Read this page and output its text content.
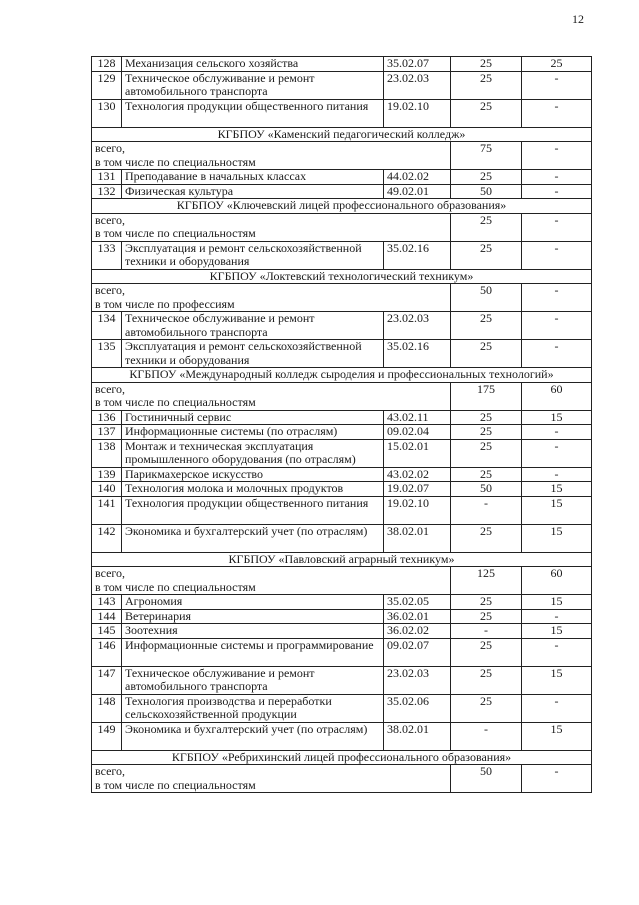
12
128	Механизация сельского хозяйства	35.02.07	25	25
129	Техническое обслуживание и ремонт автомобильного транспорта	23.02.03	25	-
130	Технология продукции общественного питания	19.02.10	25	-
КГБПОУ «Каменский педагогический колледж»				
всего,
в том числе по специальностям			75	-
131	Преподавание в начальных классах	44.02.02	25	-
132	Физическая культура	49.02.01	50	-
КГБПОУ «Ключевский лицей профессионального образования»				
всего,
в том числе по специальностям			25	-
133	Эксплуатация и ремонт сельскохозяйственной техники и оборудования	35.02.16	25	-
КГБПОУ «Локтевский технологический техникум»				
всего,
в том числе по профессиям			50	-
134	Техническое обслуживание и ремонт автомобильного транспорта	23.02.03	25	-
135	Эксплуатация и ремонт сельскохозяйственной техники и оборудования	35.02.16	25	-
КГБПОУ «Международный колледж сыроделия и профессиональных технологий»				
всего,
в том числе по специальностям			175	60
136	Гостиничный сервис	43.02.11	25	15
137	Информационные системы (по отраслям)	09.02.04	25	-
138	Монтаж и техническая эксплуатация промышленного оборудования (по отраслям)	15.02.01	25	-
139	Парикмахерское искусство	43.02.02	25	-
140	Технология молока и молочных продуктов	19.02.07	50	15
141	Технология продукции общественного питания	19.02.10	-	15
142	Экономика и бухгалтерский учет (по отраслям)	38.02.01	25	15
КГБПОУ «Павловский аграрный техникум»				
всего,
в том числе по специальностям			125	60
143	Агрономия	35.02.05	25	15
144	Ветеринария	36.02.01	25	-
145	Зоотехния	36.02.02	-	15
146	Информационные системы и программирование	09.02.07	25	-
147	Техническое обслуживание и ремонт автомобильного транспорта	23.02.03	25	15
148	Технология производства и переработки сельскохозяйственной продукции	35.02.06	25	-
149	Экономика и бухгалтерский учет (по отраслям)	38.02.01	-	15
КГБПОУ «Ребрихинский лицей профессионального образования»				
всего,
в том числе по специальностям			50	-
